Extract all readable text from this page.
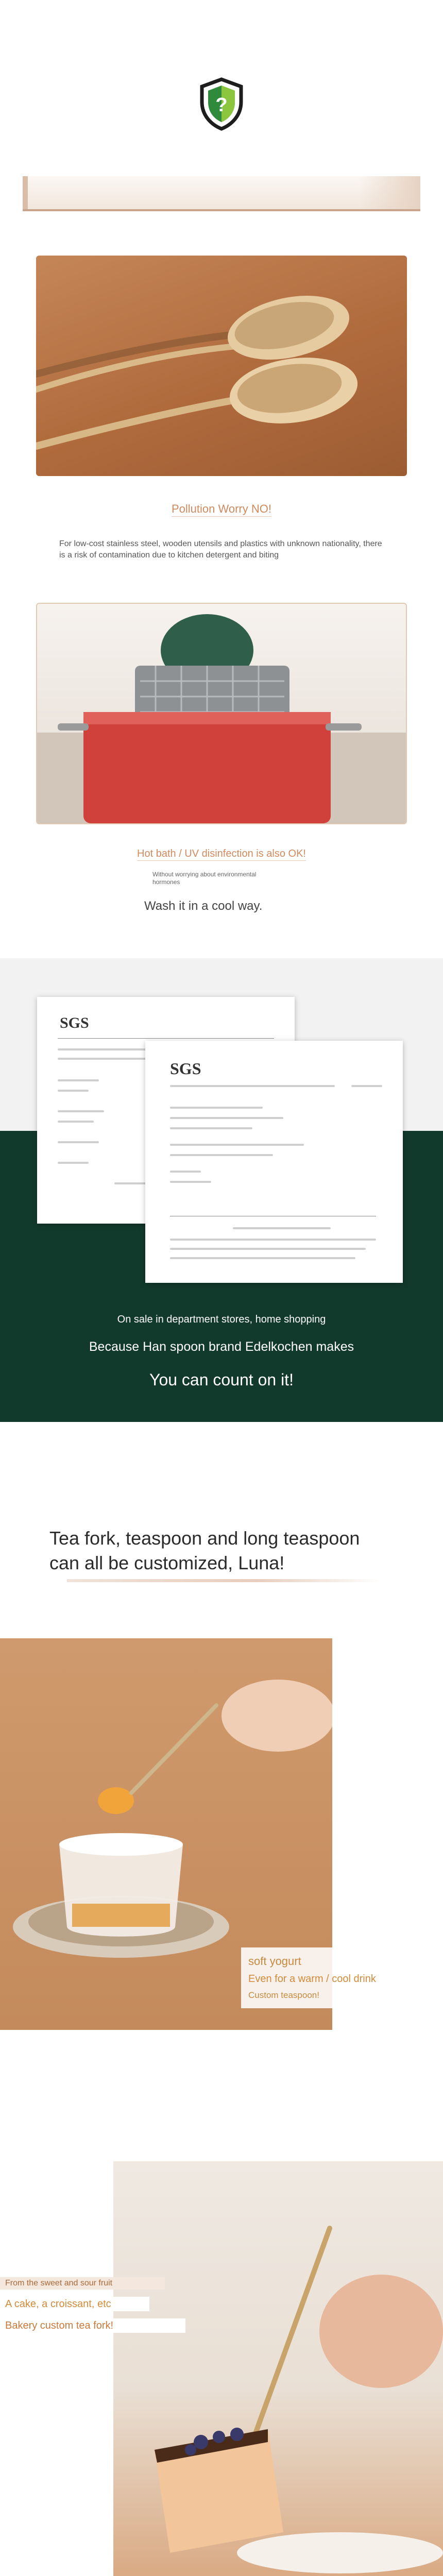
?
Pollution Worry NO!
For low-cost stainless steel, wooden utensils and plastics with unknown nationality, there is a risk of contamination due to kitchen detergent and biting
Hot bath / UV disinfection is also OK!
Without worrying about environmental hormones
Wash it in a cool way.
SGS
SGS
On sale in department stores, home shopping
Because Han spoon brand Edelkochen makes
You can count on it!
Tea fork, teaspoon and long teaspoon
can all be customized, Luna!
soft yogurt
Even for a warm / cool drink
Custom teaspoon!
From the sweet and sour fruit
A cake, a croissant, etc
Bakery custom tea fork!
